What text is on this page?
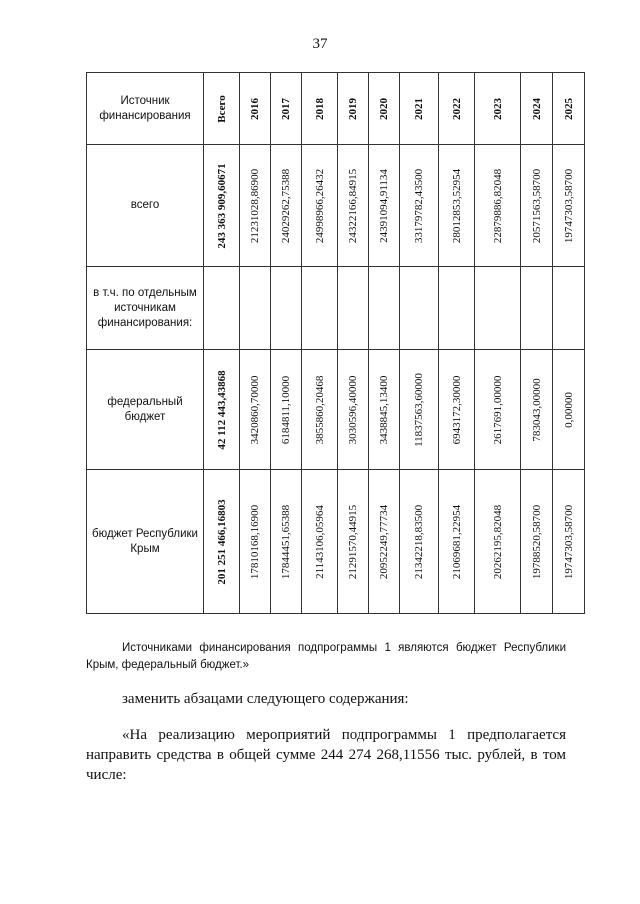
37
Источник финансирования	Всего	2016	2017	2018	2019	2020	2021	2022	2023	2024	2025

всего	243 363 909,60671	21231028,86900	24029262,75388	24998966,26432	24322166,84915	24391094,91134	33179782,43500	28012853,52954	22879886,82048	20571563,58700	19747303,58700

в т.ч. по отдельным источникам финансирования:											
федеральный бюджет	42 112 443,43868	3420860,70000	6184811,10000	3855860,20468	3030596,40000	3438845,13400	11837563,60000	6943172,30000	2617691,00000	783043,00000	0,00000

бюджет Республики Крым	201 251 466,16803	17810168,16900	17844451,65388	21143106,05964	21291570,44915	20952249,77734	21342218,83500	21069681,22954	20262195,82048	19788520,58700	19747303,58700

Источниками финансирования подпрограммы 1 являются бюджет Республики Крым, федеральный бюджет.»

заменить абзацами следующего содержания:

«На реализацию мероприятий подпрограммы 1 предполагается направить средства в общей сумме 244 274 268,11556 тыс. рублей, в том числе:
